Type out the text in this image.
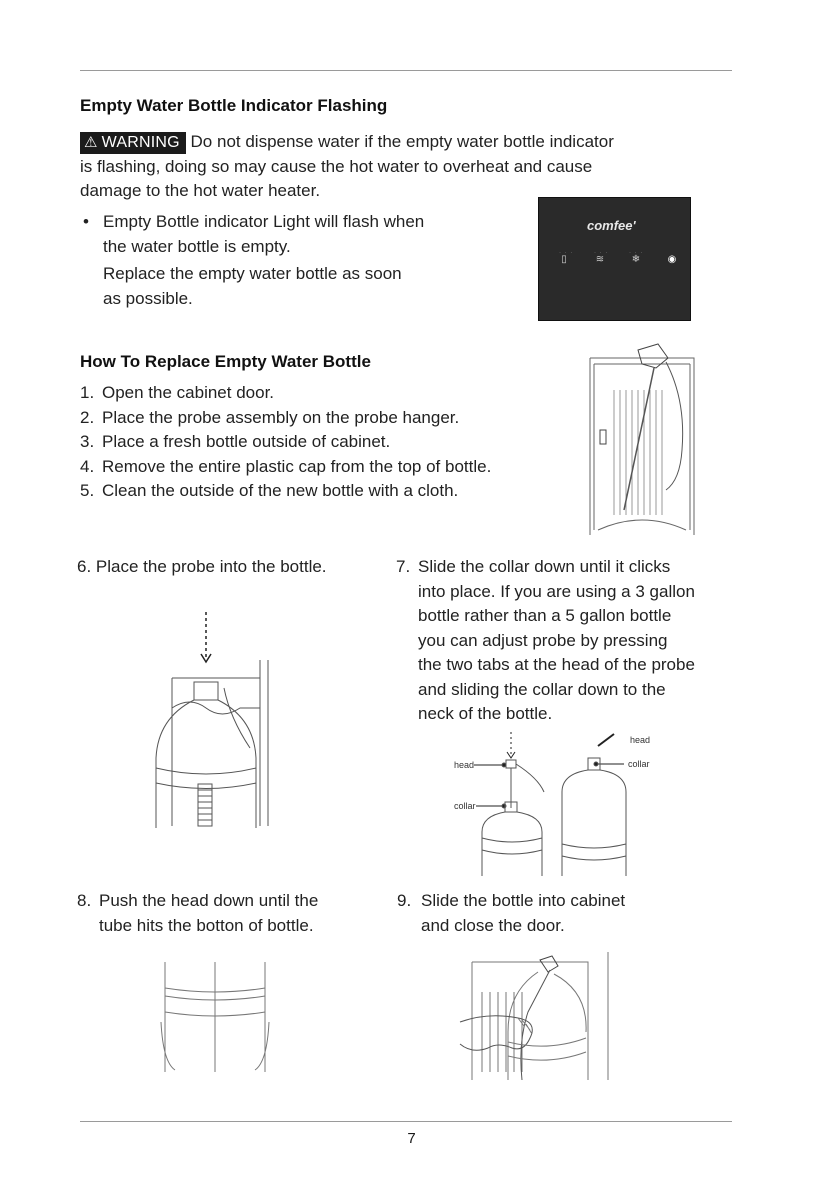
Empty Water Bottle Indicator Flashing
⚠ WARNING Do not dispense water if the empty water bottle indicator
is flashing, doing so may cause the hot water to overheat and cause
damage to the hot water heater.
• Empty Bottle indicator Light will flash when
the water bottle is empty.
Replace the empty water bottle as soon
as possible.
comfee'
· · ·	· · ·	· · ·
▯	≋	❄	◉
How To Replace Empty Water Bottle
1. Open the cabinet door.
2. Place the probe assembly on the probe hanger.
3. Place a fresh bottle outside of cabinet.
4. Remove the entire plastic cap from the top of bottle.
5. Clean the outside of the new bottle with a cloth.
6. Place the probe into the bottle.	7. Slide the collar down until it clicks
into place. If you are using a 3 gallon
bottle rather than a 5 gallon bottle
you can adjust probe by pressing
the two tabs at the head of the probe
and sliding the collar down to the
neck of the bottle.
head
collar
head
collar
8. Push the head down until the
tube hits the botton of bottle.
9. Slide the bottle into cabinet
and close the door.
7
